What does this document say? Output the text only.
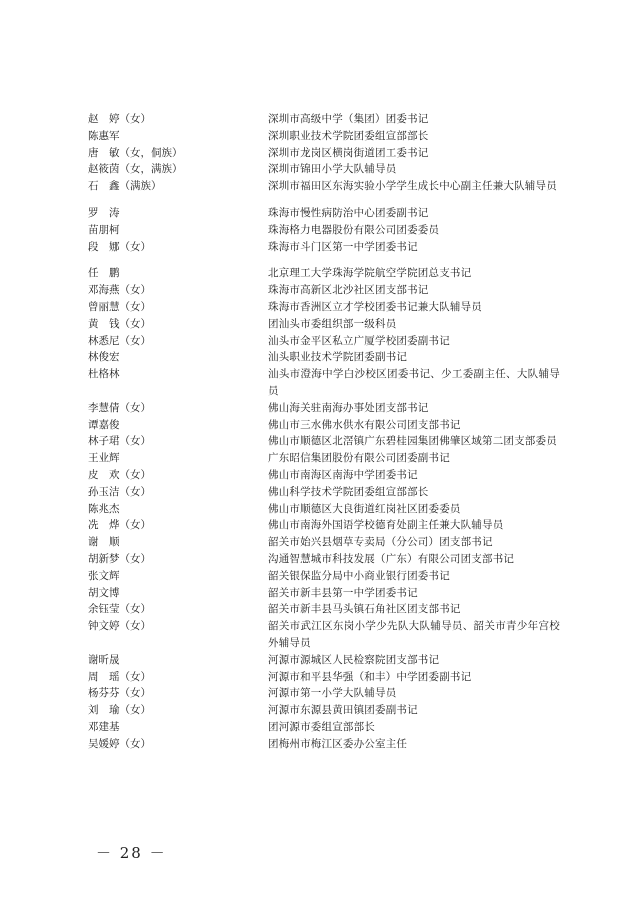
赵　婷（女）	深圳市高级中学（集团）团委书记
陈惠军	深圳职业技术学院团委组宣部部长
唐　敏（女，侗族）	深圳市龙岗区横岗街道团工委书记
赵筱茵（女，满族）	深圳市锦田小学大队辅导员
石　鑫（满族）	深圳市福田区东海实验小学学生成长中心副主任兼大队辅导员
罗　涛	珠海市慢性病防治中心团委副书记
苗朋柯	珠海格力电器股份有限公司团委委员
段　娜（女）	珠海市斗门区第一中学团委书记
任　鹏	北京理工大学珠海学院航空学院团总支书记
邓海燕（女）	珠海市高新区北沙社区团支部书记
曾丽慧（女）	珠海市香洲区立才学校团委书记兼大队辅导员
黄　钱（女）	团汕头市委组织部一级科员
林悉尼（女）	汕头市金平区私立广厦学校团委副书记
林俊宏	汕头职业技术学院团委副书记
杜格林	汕头市澄海中学白沙校区团委书记、少工委副主任、大队辅导员
李慧倩（女）	佛山海关驻南海办事处团支部书记
谭嘉俊	佛山市三水佛水供水有限公司团支部书记
林子珺（女）	佛山市顺德区北滘镇广东碧桂园集团佛肇区域第二团支部委员
王业辉	广东昭信集团股份有限公司团委副书记
皮　欢（女）	佛山市南海区南海中学团委书记
孙玉洁（女）	佛山科学技术学院团委组宣部部长
陈兆杰	佛山市顺德区大良街道红岗社区团委委员
冼　烨（女）	佛山市南海外国语学校德育处副主任兼大队辅导员
谢　顺	韶关市始兴县烟草专卖局（分公司）团支部书记
胡新梦（女）	沟通智慧城市科技发展（广东）有限公司团支部书记
张文辉	韶关银保监分局中小商业银行团委书记
胡文博	韶关市新丰县第一中学团委书记
余钰莹（女）	韶关市新丰县马头镇石角社区团支部书记
钟文婷（女）	韶关市武江区东岗小学少先队大队辅导员、韶关市青少年宫校外辅导员
谢昕晟	河源市源城区人民检察院团支部书记
周　瑶（女）	河源市和平县华强（和丰）中学团委副书记
杨芬芬（女）	河源市第一小学大队辅导员
刘　瑜（女）	河源市东源县黄田镇团委副书记
邓建基	团河源市委组宣部部长
吴媛婷（女）	团梅州市梅江区委办公室主任
－ 28 －
